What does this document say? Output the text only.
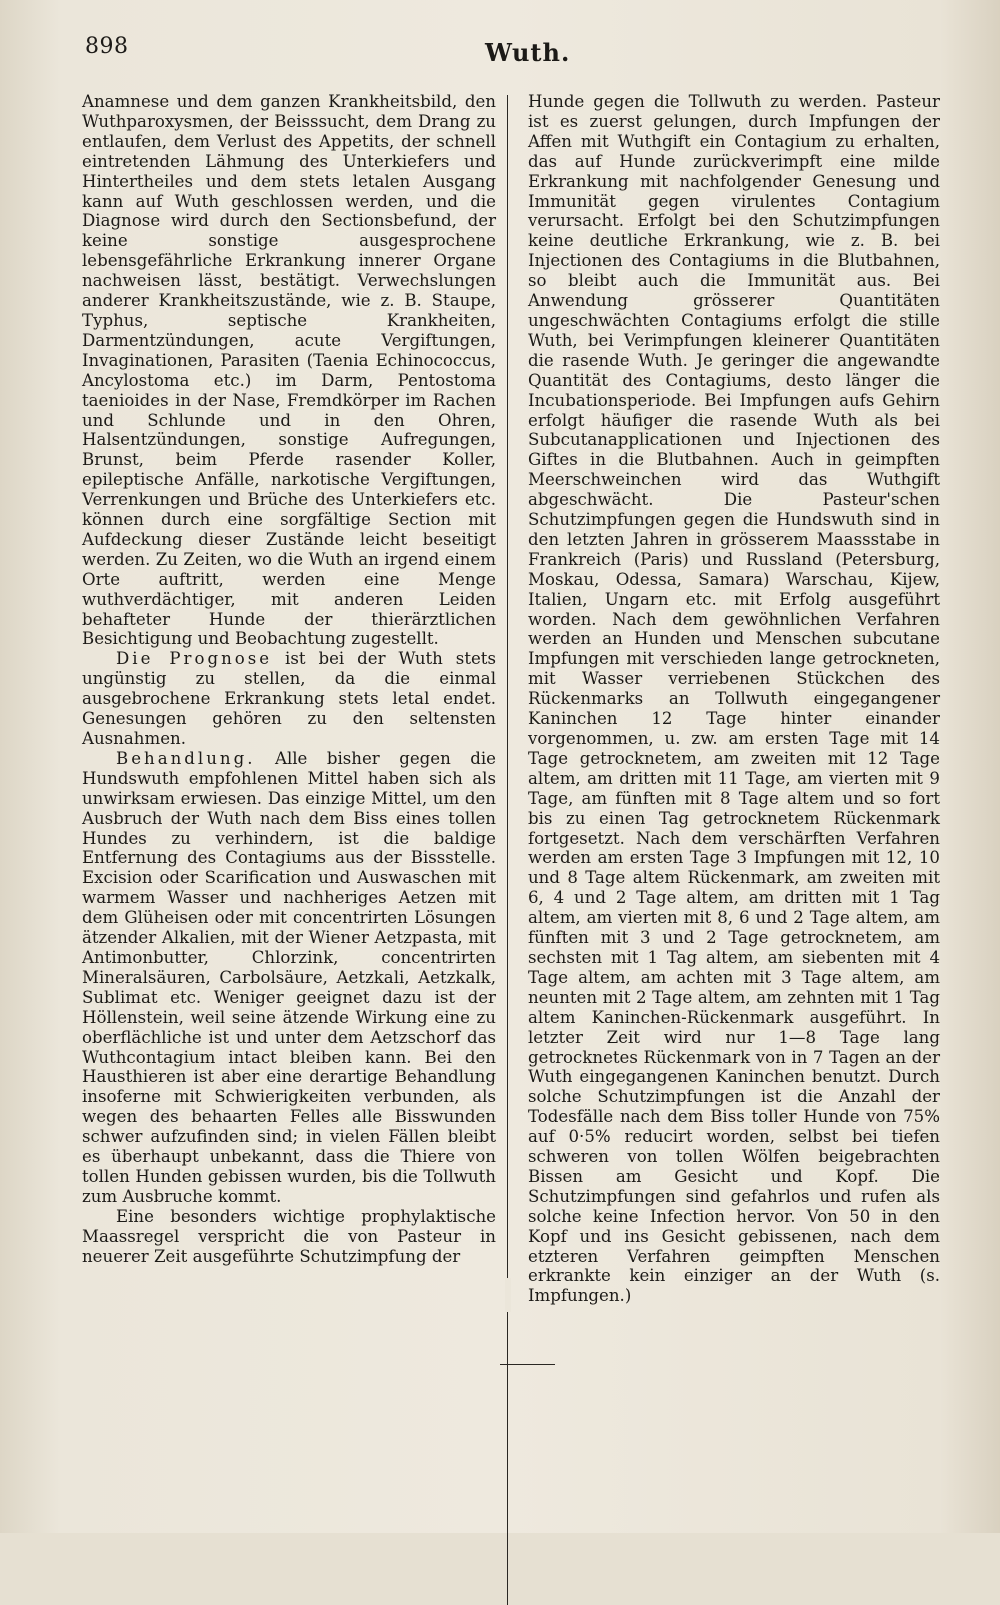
898	Wuth.

Anamnese und dem ganzen Krankheitsbild, den Wuthparoxysmen, der Beisssucht, dem Drang zu entlaufen, dem Verlust des Appetits, der schnell eintretenden Lähmung des Unterkiefers und Hintertheiles und dem stets letalen Ausgang kann auf Wuth geschlossen werden, und die Diagnose wird durch den Sectionsbefund, der keine sonstige ausgesprochene lebensgefährliche Erkrankung innerer Organe nachweisen lässt, bestätigt. Verwechslungen anderer Krankheitszustände, wie z. B. Staupe, Typhus, septische Krankheiten, Darmentzündungen, acute Vergiftungen, Invaginationen, Parasiten (Taenia Echinococcus, Ancylostoma etc.) im Darm, Pentostoma taenioides in der Nase, Fremdkörper im Rachen und Schlunde und in den Ohren, Halsentzündungen, sonstige Aufregungen, Brunst, beim Pferde rasender Koller, epileptische Anfälle, narkotische Vergiftungen, Verrenkungen und Brüche des Unterkiefers etc. können durch eine sorgfältige Section mit Aufdeckung dieser Zustände leicht beseitigt werden. Zu Zeiten, wo die Wuth an irgend einem Orte auftritt, werden eine Menge wuthverdächtiger, mit anderen Leiden behafteter Hunde der thierärztlichen Besichtigung und Beobachtung zugestellt.

Die Prognose ist bei der Wuth stets ungünstig zu stellen, da die einmal ausgebrochene Erkrankung stets letal endet. Genesungen gehören zu den seltensten Ausnahmen.

Behandlung. Alle bisher gegen die Hundswuth empfohlenen Mittel haben sich als unwirksam erwiesen. Das einzige Mittel, um den Ausbruch der Wuth nach dem Biss eines tollen Hundes zu verhindern, ist die baldige Entfernung des Contagiums aus der Bissstelle. Excision oder Scarification und Auswaschen mit warmem Wasser und nachheriges Aetzen mit dem Glüheisen oder mit concentrirten Lösungen ätzender Alkalien, mit der Wiener Aetzpasta, mit Antimonbutter, Chlorzink, concentrirten Mineralsäuren, Carbolsäure, Aetzkali, Aetzkalk, Sublimat etc. Weniger geeignet dazu ist der Höllenstein, weil seine ätzende Wirkung eine zu oberflächliche ist und unter dem Aetzschorf das Wuthcontagium intact bleiben kann. Bei den Hausthieren ist aber eine derartige Behandlung insoferne mit Schwierigkeiten verbunden, als wegen des behaarten Felles alle Bisswunden schwer aufzufinden sind; in vielen Fällen bleibt es überhaupt unbekannt, dass die Thiere von tollen Hunden gebissen wurden, bis die Tollwuth zum Ausbruche kommt.

Eine besonders wichtige prophylaktische Maassregel verspricht die von Pasteur in neuerer Zeit ausgeführte Schutzimpfung der

Hunde gegen die Tollwuth zu werden. Pasteur ist es zuerst gelungen, durch Impfungen der Affen mit Wuthgift ein Contagium zu erhalten, das auf Hunde zurückverimpft eine milde Erkrankung mit nachfolgender Genesung und Immunität gegen virulentes Contagium verursacht. Erfolgt bei den Schutzimpfungen keine deutliche Erkrankung, wie z. B. bei Injectionen des Contagiums in die Blutbahnen, so bleibt auch die Immunität aus. Bei Anwendung grösserer Quantitäten ungeschwächten Contagiums erfolgt die stille Wuth, bei Verimpfungen kleinerer Quantitäten die rasende Wuth. Je geringer die angewandte Quantität des Contagiums, desto länger die Incubationsperiode. Bei Impfungen aufs Gehirn erfolgt häufiger die rasende Wuth als bei Subcutanapplicationen und Injectionen des Giftes in die Blutbahnen. Auch in geimpften Meerschweinchen wird das Wuthgift abgeschwächt. Die Pasteur'schen Schutzimpfungen gegen die Hundswuth sind in den letzten Jahren in grösserem Maassstabe in Frankreich (Paris) und Russland (Petersburg, Moskau, Odessa, Samara) Warschau, Kijew, Italien, Ungarn etc. mit Erfolg ausgeführt worden. Nach dem gewöhnlichen Verfahren werden an Hunden und Menschen subcutane Impfungen mit verschieden lange getrockneten, mit Wasser verriebenen Stückchen des Rückenmarks an Tollwuth eingegangener Kaninchen 12 Tage hinter einander vorgenommen, u. zw. am ersten Tage mit 14 Tage getrocknetem, am zweiten mit 12 Tage altem, am dritten mit 11 Tage, am vierten mit 9 Tage, am fünften mit 8 Tage altem und so fort bis zu einen Tag getrocknetem Rückenmark fortgesetzt. Nach dem verschärften Verfahren werden am ersten Tage 3 Impfungen mit 12, 10 und 8 Tage altem Rückenmark, am zweiten mit 6, 4 und 2 Tage altem, am dritten mit 1 Tag altem, am vierten mit 8, 6 und 2 Tage altem, am fünften mit 3 und 2 Tage getrocknetem, am sechsten mit 1 Tag altem, am siebenten mit 4 Tage altem, am achten mit 3 Tage altem, am neunten mit 2 Tage altem, am zehnten mit 1 Tag altem Kaninchen-Rückenmark ausgeführt. In letzter Zeit wird nur 1—8 Tage lang getrocknetes Rückenmark von in 7 Tagen an der Wuth eingegangenen Kaninchen benutzt. Durch solche Schutzimpfungen ist die Anzahl der Todesfälle nach dem Biss toller Hunde von 75% auf 0·5% reducirt worden, selbst bei tiefen schweren von tollen Wölfen beigebrachten Bissen am Gesicht und Kopf. Die Schutzimpfungen sind gefahrlos und rufen als solche keine Infection hervor. Von 50 in den Kopf und ins Gesicht gebissenen, nach dem etzteren Verfahren geimpften Menschen erkrankte kein einziger an der Wuth (s. Impfungen.)
